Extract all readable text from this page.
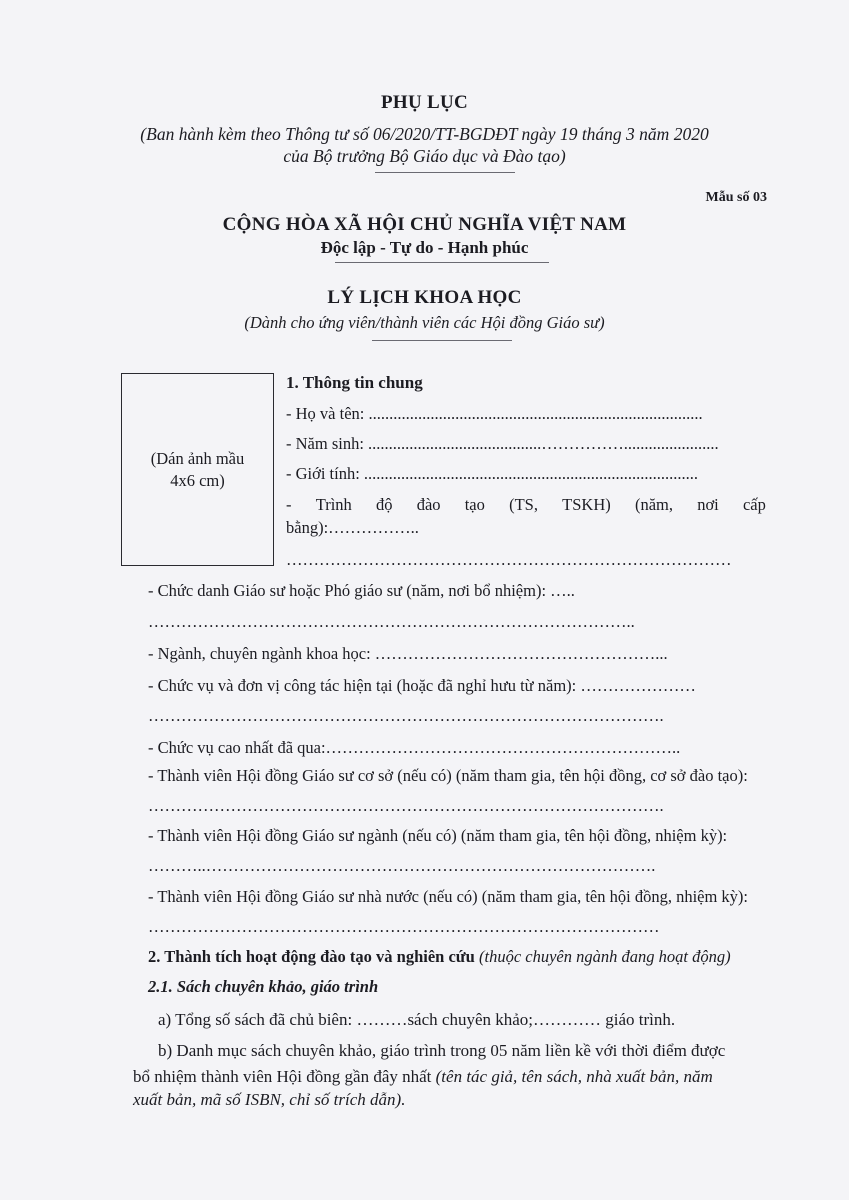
PHỤ LỤC
(Ban hành kèm theo Thông tư số 06/2020/TT-BGDĐT ngày 19 tháng 3 năm 2020
của Bộ trưởng Bộ Giáo dục và Đào tạo)
Mẫu số 03
CỘNG HÒA XÃ HỘI CHỦ NGHĨA VIỆT NAM
Độc lập - Tự do - Hạnh phúc
LÝ LỊCH KHOA HỌC
(Dành cho ứng viên/thành viên các Hội đồng Giáo sư)
(Dán ảnh mầu
4x6 cm)
1. Thông tin chung
- Họ và tên: .................................................................................
- Năm sinh: ..........................................…………….......................
- Giới tính: .................................................................................
- Trình độ đào tạo (TS, TSKH) (năm, nơi cấp
bằng):……………..
………………………………………………………………………
- Chức danh Giáo sư hoặc Phó giáo sư (năm, nơi bổ nhiệm): …..
……………………………………………………………………………..
- Ngành, chuyên ngành khoa học: ……………………………………………...
- Chức vụ và đơn vị công tác hiện tại (hoặc đã nghỉ hưu từ năm): …………………
………………………………………………………………………………….
- Chức vụ cao nhất đã qua:………………………………………………………..
- Thành viên Hội đồng Giáo sư cơ sở (nếu có) (năm tham gia, tên hội đồng, cơ sở đào tạo):
………………………………………………………………………………….
- Thành viên Hội đồng Giáo sư ngành (nếu có) (năm tham gia, tên hội đồng, nhiệm kỳ):
………..……………………………………………………………………….
- Thành viên Hội đồng Giáo sư nhà nước (nếu có) (năm tham gia, tên hội đồng, nhiệm kỳ):
…………………………………………………………………………………
2. Thành tích hoạt động đào tạo và nghiên cứu (thuộc chuyên ngành đang hoạt động)
2.1. Sách chuyên khảo, giáo trình
a) Tổng số sách đã chủ biên: ………sách chuyên khảo;………… giáo trình.
b) Danh mục sách chuyên khảo, giáo trình trong 05 năm liền kề với thời điểm được
bổ nhiệm thành viên Hội đồng gần đây nhất (tên tác giả, tên sách, nhà xuất bản, năm
xuất bản, mã số ISBN, chỉ số trích dẫn).
